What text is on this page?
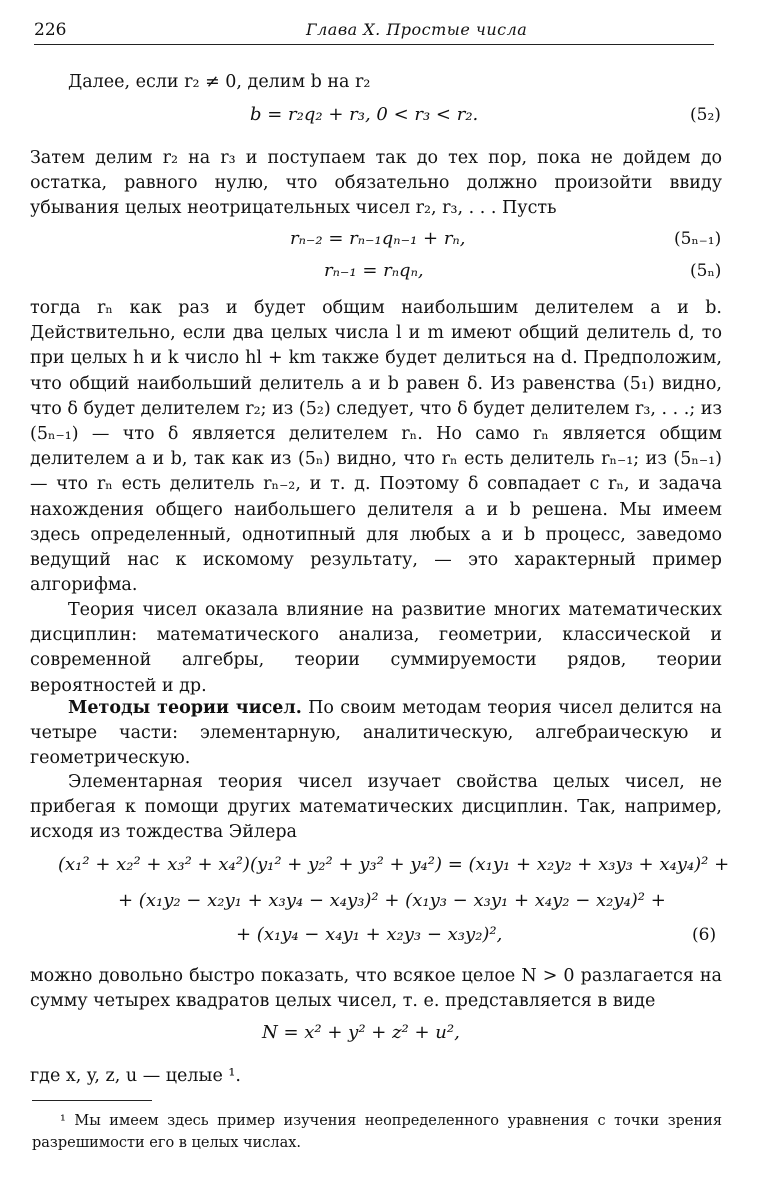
226	Глава X. Простые числа

Далее, если r₂ ≠ 0, делим b на r₂

b = r₂q₂ + r₃, 0 < r₃ < r₂.	(5₂)

Затем делим r₂ на r₃ и поступаем так до тех пор, пока не дойдем до остатка, равного нулю, что обязательно должно произойти ввиду убывания целых неотрицательных чисел r₂, r₃, . . . Пусть

rₙ₋₂ = rₙ₋₁qₙ₋₁ + rₙ,	(5ₙ₋₁)
rₙ₋₁ = rₙqₙ,	(5ₙ)

тогда rₙ как раз и будет общим наибольшим делителем a и b. Действительно, если два целых числа l и m имеют общий делитель d, то при целых h и k число hl + km также будет делиться на d. Предположим, что общий наибольший делитель a и b равен δ. Из равенства (5₁) видно, что δ будет делителем r₂; из (5₂) следует, что δ будет делителем r₃, . . .; из (5ₙ₋₁) — что δ является делителем rₙ. Но само rₙ является общим делителем a и b, так как из (5ₙ) видно, что rₙ есть делитель rₙ₋₁; из (5ₙ₋₁) — что rₙ есть делитель rₙ₋₂, и т. д. Поэтому δ совпадает с rₙ, и задача нахождения общего наибольшего делителя a и b решена. Мы имеем здесь определенный, однотипный для любых a и b процесс, заведомо ведущий нас к искомому результату, — это характерный пример алгорифма.

Теория чисел оказала влияние на развитие многих математических дисциплин: математического анализа, геометрии, классической и современной алгебры, теории суммируемости рядов, теории вероятностей и др.

Методы теории чисел. По своим методам теория чисел делится на четыре части: элементарную, аналитическую, алгебраическую и геометрическую.

Элементарная теория чисел изучает свойства целых чисел, не прибегая к помощи других математических дисциплин. Так, например, исходя из тождества Эйлера

(x₁² + x₂² + x₃² + x₄²)(y₁² + y₂² + y₃² + y₄²) = (x₁y₁ + x₂y₂ + x₃y₃ + x₄y₄)² +
+ (x₁y₂ − x₂y₁ + x₃y₄ − x₄y₃)² + (x₁y₃ − x₃y₁ + x₄y₂ − x₂y₄)² +
+ (x₁y₄ − x₄y₁ + x₂y₃ − x₃y₂)²,	(6)

можно довольно быстро показать, что всякое целое N > 0 разлагается на сумму четырех квадратов целых чисел, т. е. представляется в виде

N = x² + y² + z² + u²,

где x, y, z, u — целые ¹.

¹ Мы имеем здесь пример изучения неопределенного уравнения с точки зрения разрешимости его в целых числах.
